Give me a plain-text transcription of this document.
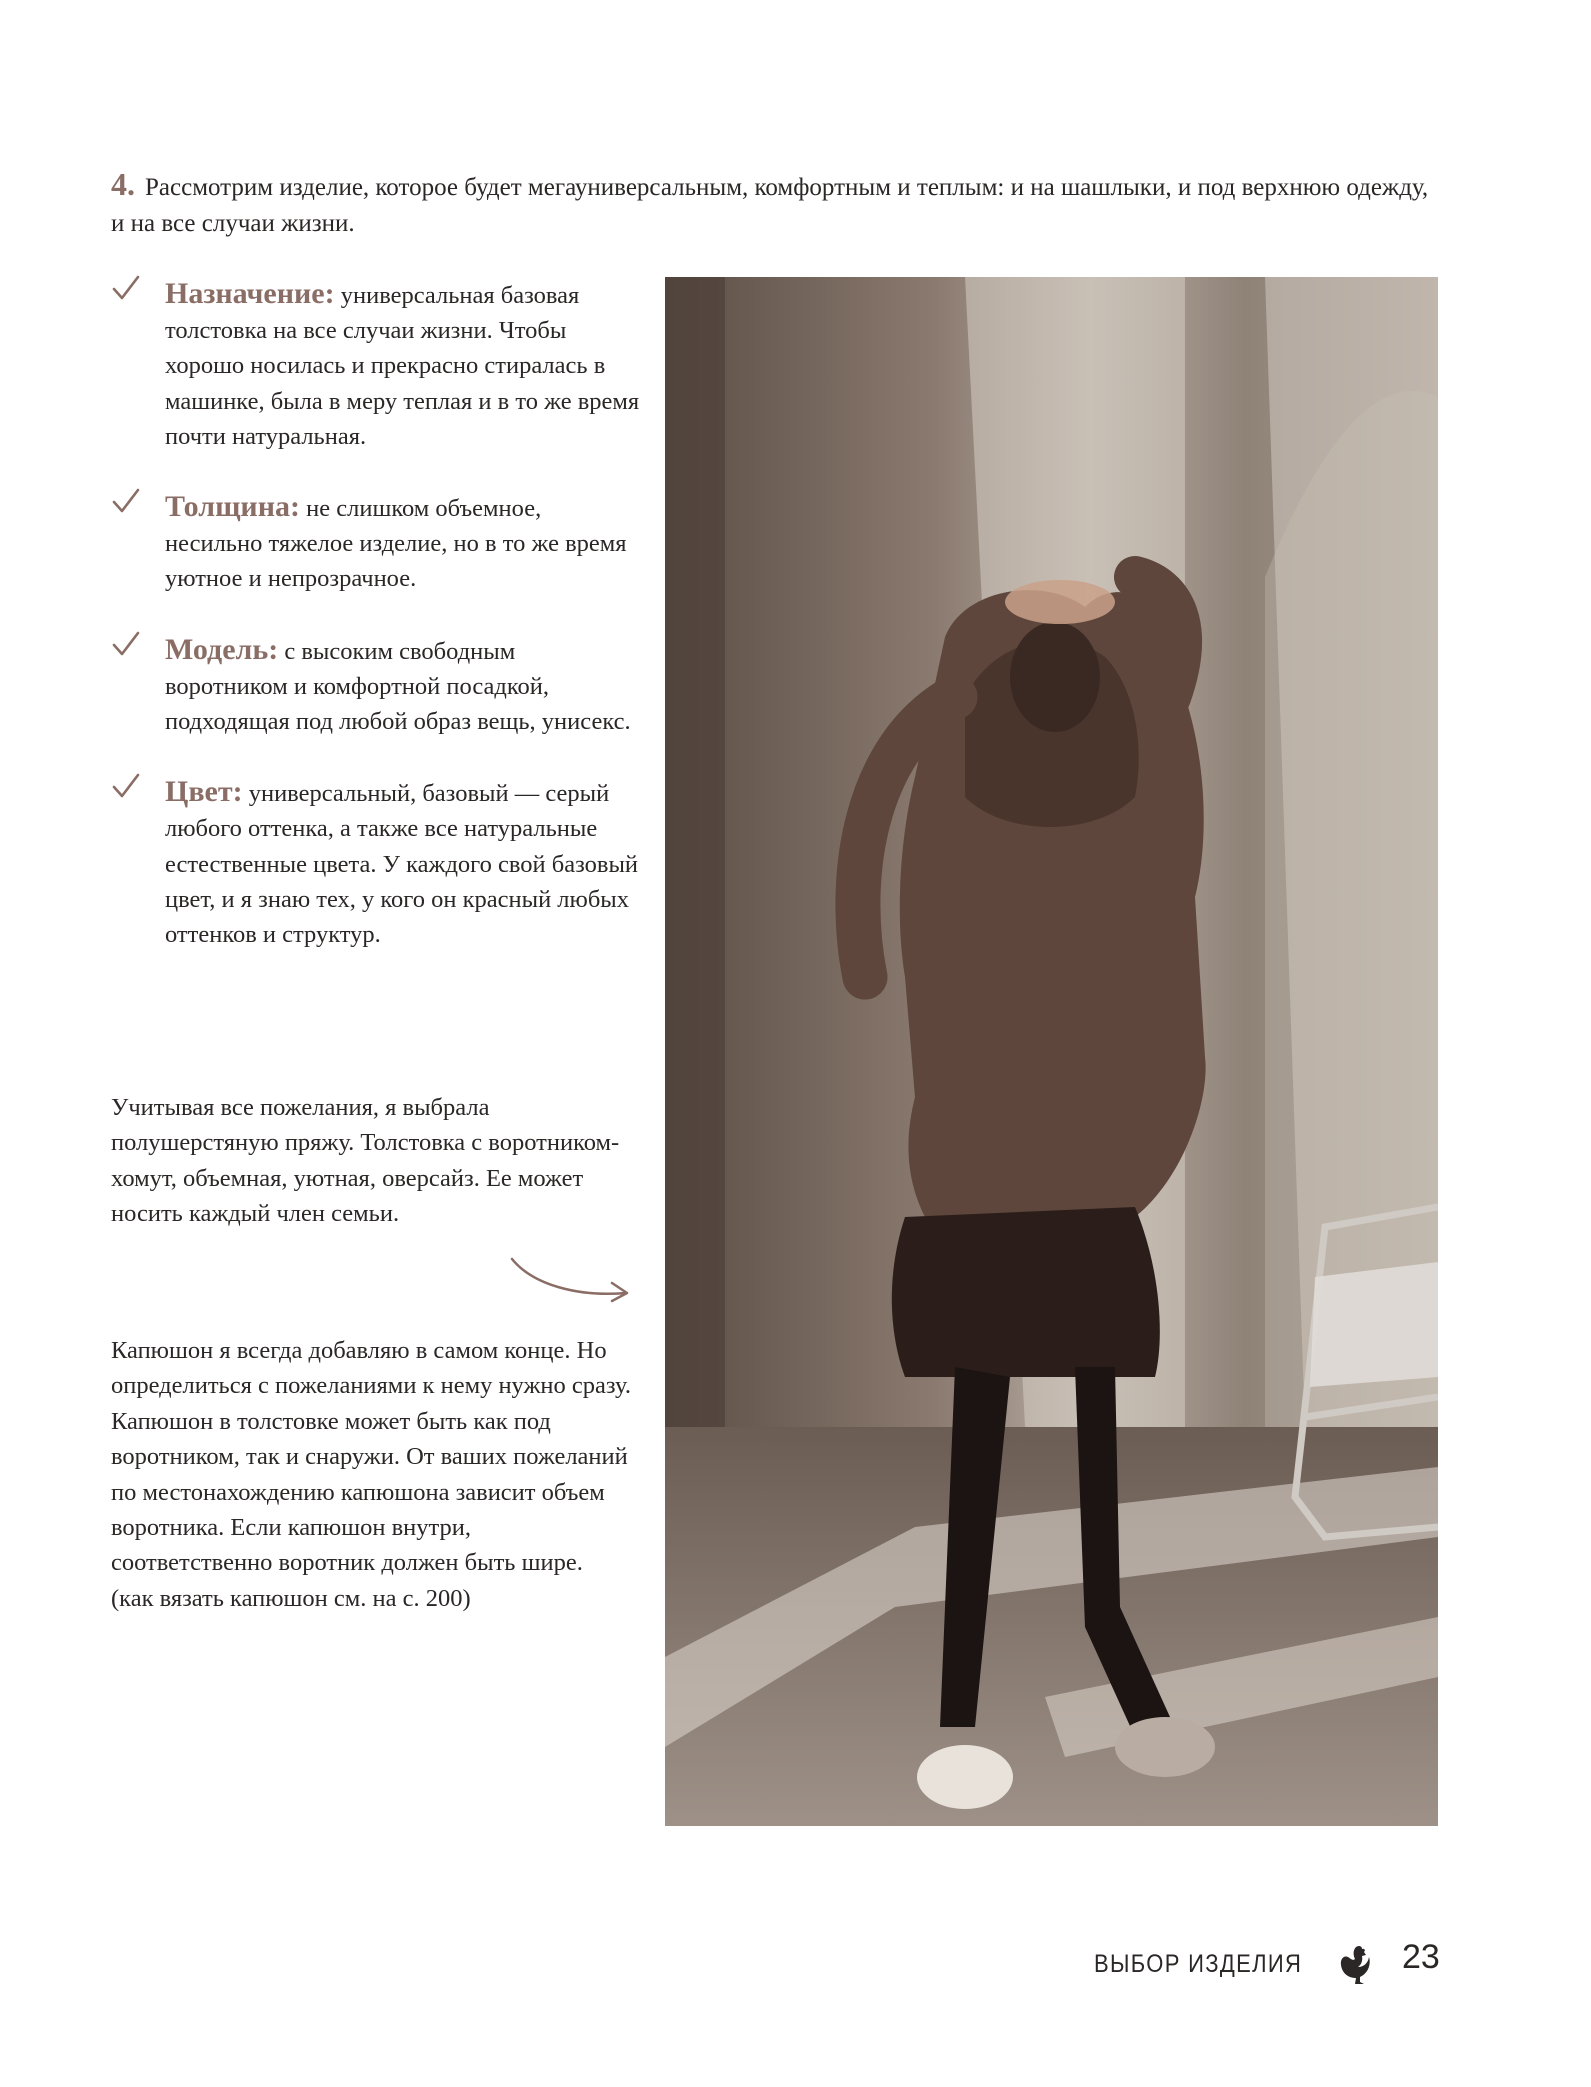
4. Рассмотрим изделие, которое будет мегауниверсальным, комфортным и теплым: и на шашлыки, и под верхнюю одежду, и на все случаи жизни.

Назначение: универсальная базовая толстовка на все случаи жизни. Чтобы хорошо носилась и прекрасно стиралась в машинке, была в меру теплая и в то же время почти натуральная.
Толщина: не слишком объемное, несильно тяжелое изделие, но в то же время уютное и непрозрачное.
Модель: с высоким свободным воротником и комфортной посадкой, подходящая под любой образ вещь, унисекс.
Цвет: универсальный, базовый — серый любого оттенка, а также все натуральные естественные цвета. У каждого свой базовый цвет, и я знаю тех, у кого он красный любых оттенков и структур.

Учитывая все пожелания, я выбрала полушерстяную пряжу. Толстовка с воротником-хомут, объемная, уютная, оверсайз. Ее может носить каждый член семьи.

Капюшон я всегда добавляю в самом конце. Но определиться с пожеланиями к нему нужно сразу. Капюшон в толстовке может быть как под воротником, так и снаружи. От ваших пожеланий по местонахождению капюшона зависит объем воротника. Если капюшон внутри, соответственно воротник должен быть шире. (как вязать капюшон см. на с. 200)

ВЫБОР ИЗДЕЛИЯ	23
